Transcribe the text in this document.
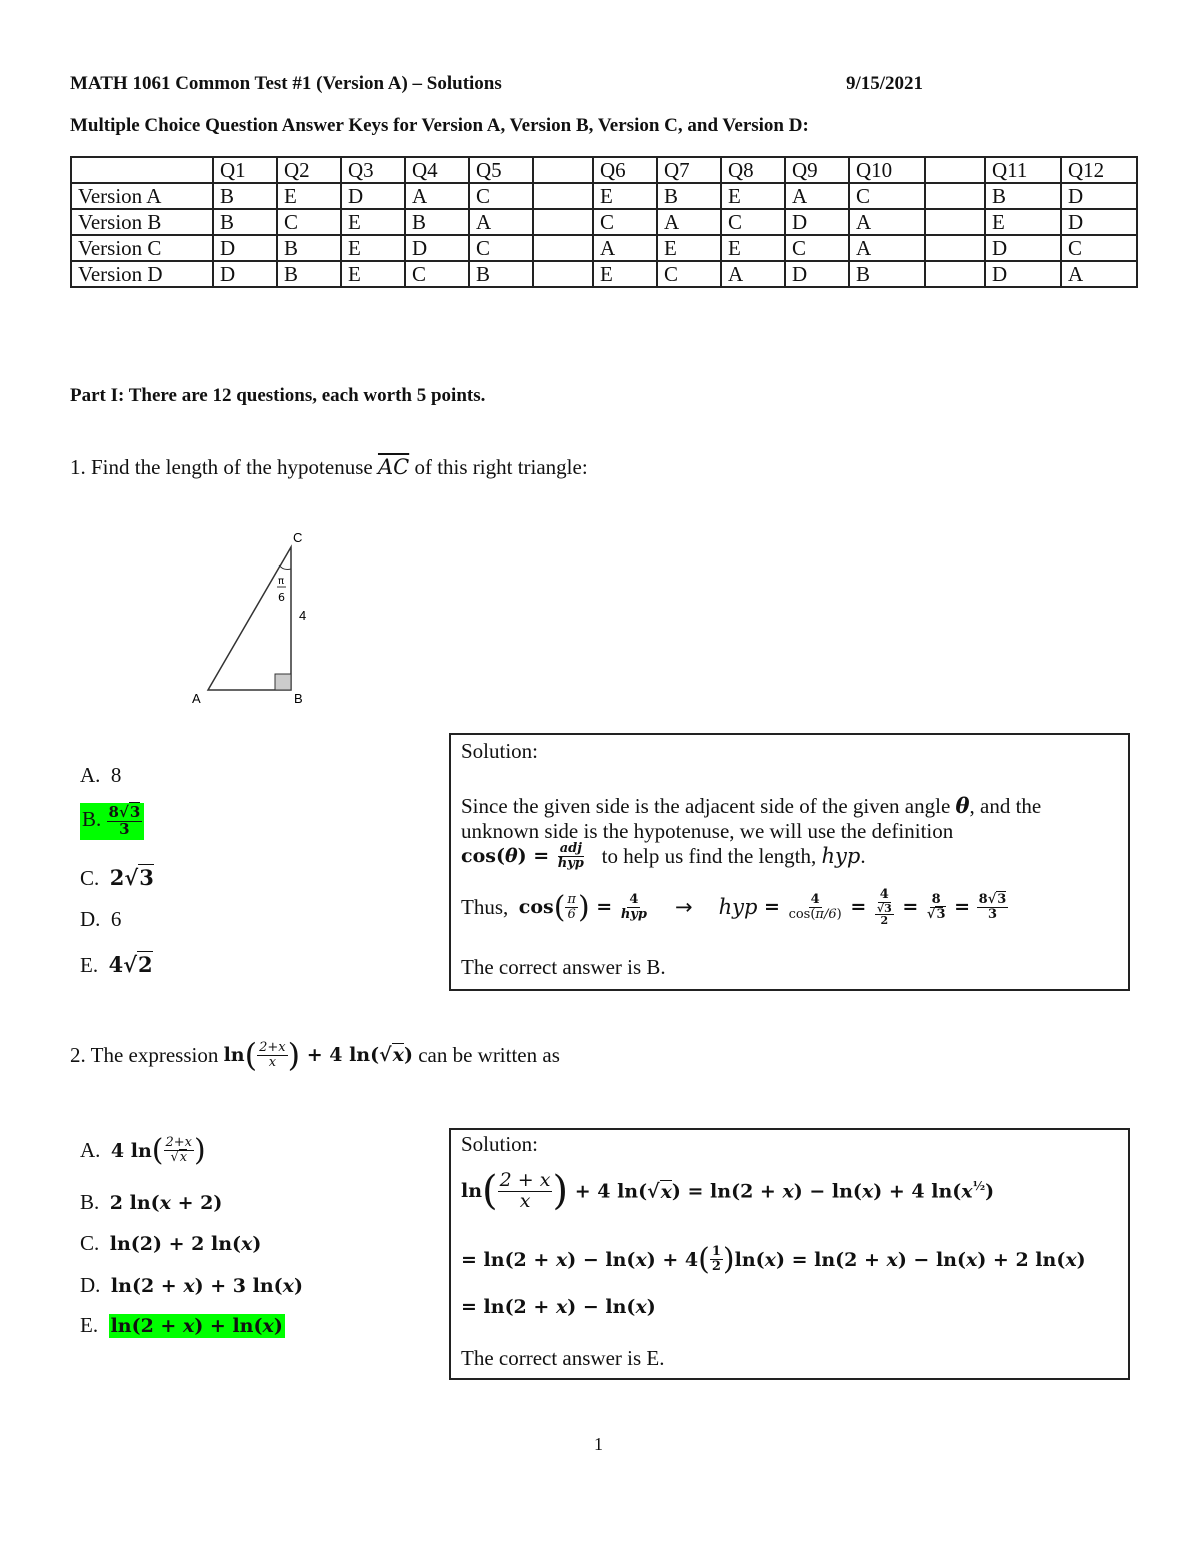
MATH 1061 Common Test #1 (Version A) – Solutions	9/15/2021
Multiple Choice Question Answer Keys for Version A, Version B, Version C, and Version D:
	Q1	Q2	Q3	Q4	Q5		Q6	Q7	Q8	Q9	Q10		Q11	Q12
Version A	B	E	D	A	C		E	B	E	A	C		B	D
Version B	B	C	E	B	A		C	A	C	D	A		E	D
Version C	D	B	E	D	C		A	E	E	C	A		D	C
Version D	D	B	E	C	B		E	C	A	D	B		D	A
Part I: There are 12 questions, each worth 5 points.
1. Find the length of the hypotenuse $\overline{AC}$ of this right triangle:
C
A	B
4
π
6
A. 8
B. $\frac{8√3}{3}$
C. 2√3
D. 6
E. 4√2
Solution:
Since the given side is the adjacent side of the given angle θ, and the
unknown side is the hypotenuse, we will use the definition
$\cos(\theta) = \frac{\text{adj}}{\text{hyp}}$ to help us find the length, hyp.
Thus,
cos ( $\frac{\pi}{6}$ ) = $\frac{4}{\text{hyp}}$ → hyp = $\frac{4}{\cos(\pi/6)} = \frac{4}{\frac{√3}{2}} = \frac{8}{√3} = \frac{8√3}{3}$
The correct answer is B.
2. The expression
ln ( $\frac{2+x}{x}$ ) + 4 ln(√x)
can be written as
A.
4 ln ( $\frac{2+x}{√x}$ )
B. 2 ln(x + 2)
C. ln(2) + 2 ln(x)
D. ln(2 + x) + 3 ln(x)
E. ln(2 + x) + ln(x)
Solution:
ln ( $\frac{2 + x}{x}$ ) + 4 ln(√x) = ln(2 + x) − ln(x) + 4 $\ln(x^{\frac{1}{2}})$
= ln(2 + x) − ln(x) + 4 ( $\frac{1}{2}$ ) ln(x) = ln(2 + x) − ln(x) + 2 ln(x)
= ln(2 + x) − ln(x)
The correct answer is E.
1
